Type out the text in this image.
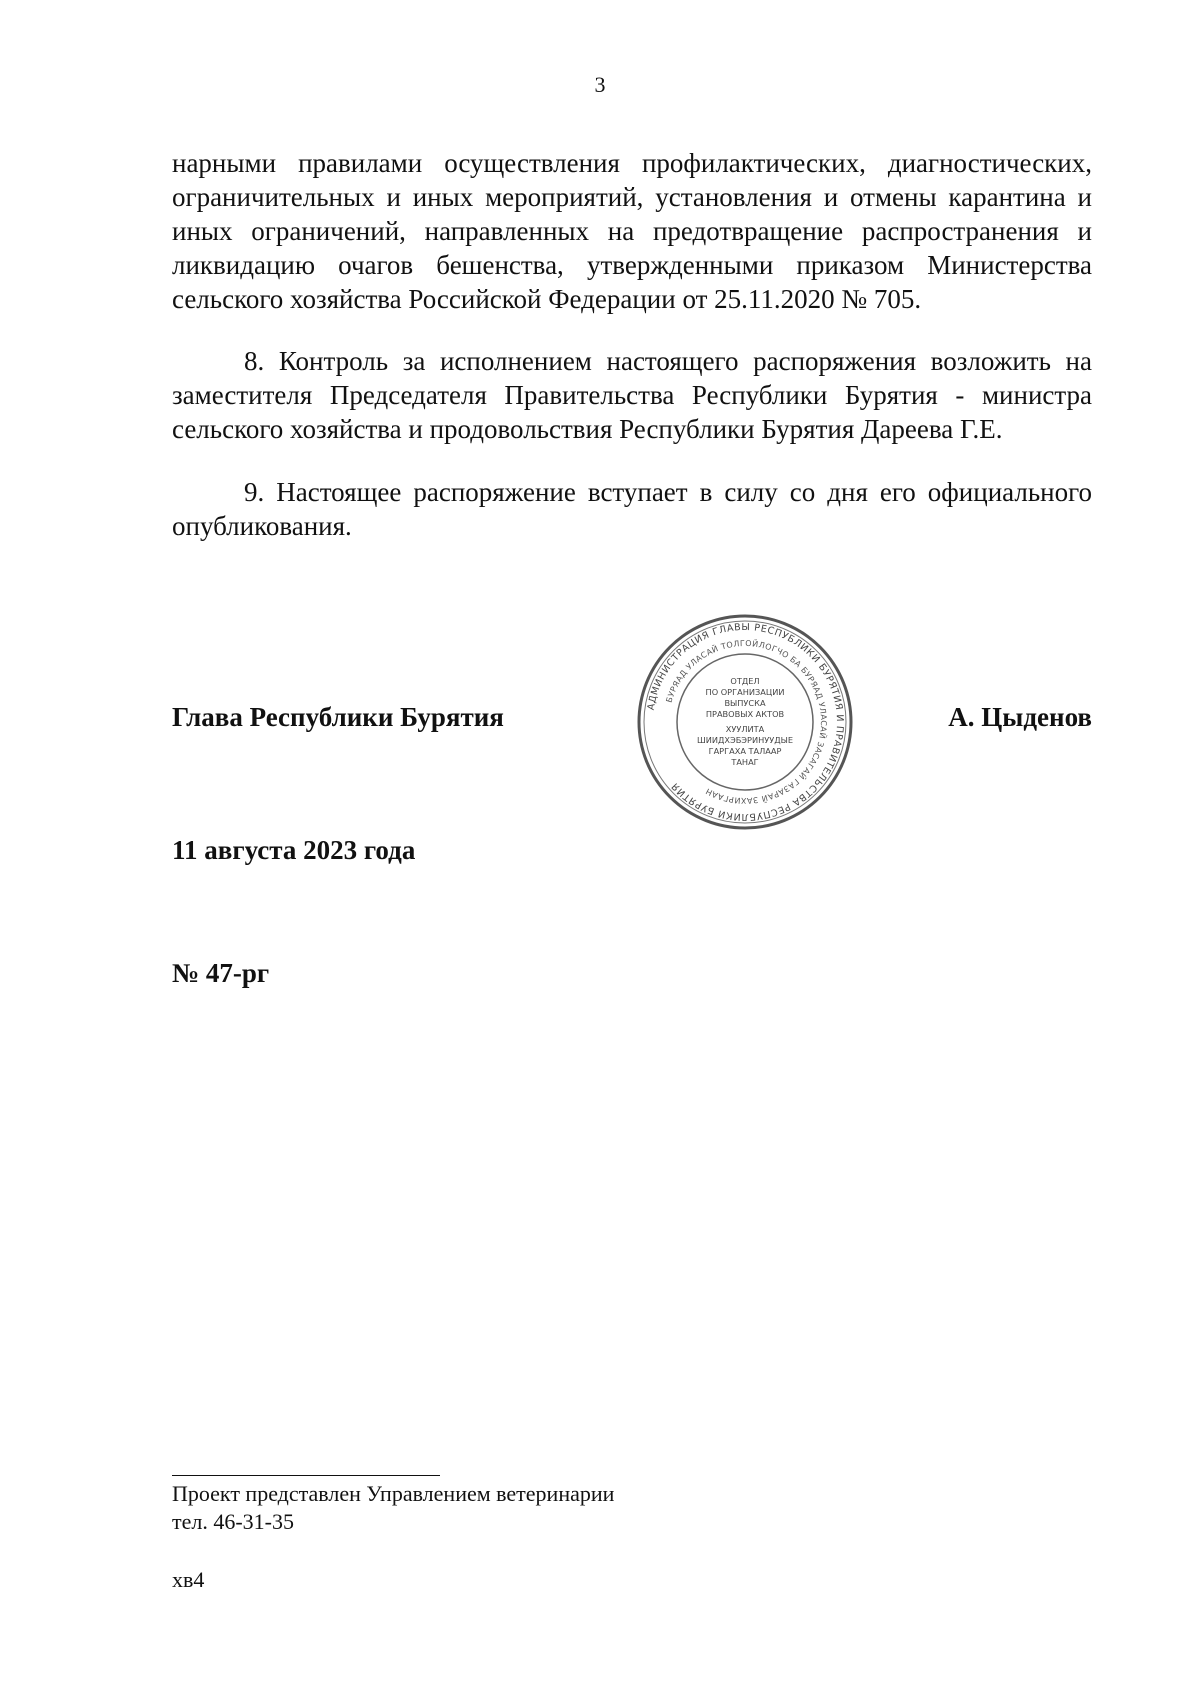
3
нарными правилами осуществления профилактических, диагностических, ограничительных и иных мероприятий, установления и отмены карантина и иных ограничений, направленных на предотвращение распространения и ликвидацию очагов бешенства, утвержденными приказом Министерства сельского хозяйства Российской Федерации от 25.11.2020 № 705.
8. Контроль за исполнением настоящего распоряжения возложить на заместителя Председателя Правительства Республики Бурятия - министра сельского хозяйства и продовольствия Республики Бурятия Дареева Г.Е.
9. Настоящее распоряжение вступает в силу со дня его официального опубликования.
Глава Республики Бурятия	А. Цыденов
АДМИНИСТРАЦИЯ ГЛАВЫ РЕСПУБЛИКИ БУРЯТИЯ И ПРАВИТЕЛЬСТВА РЕСПУБЛИКИ БУРЯТИЯ
БУРЯАД УЛАСАЙ ТОЛГОЙЛОГЧО БА БУРЯАД УЛАСАЙ ЗАСАГАЙ ГАЗАРАЙ ЗАХИРГААН
ОТДЕЛ
ПО ОРГАНИЗАЦИИ
ВЫПУСКА
ПРАВОВЫХ АКТОВ
ХУУЛИТА
ШИИДХЭБЭРИНУУДЫЕ
ГАРГАХА ТАЛААР
ТАНАГ
11 августа 2023 года
№ 47-рг
Проект представлен Управлением ветеринарии
тел. 46-31-35
хв4
